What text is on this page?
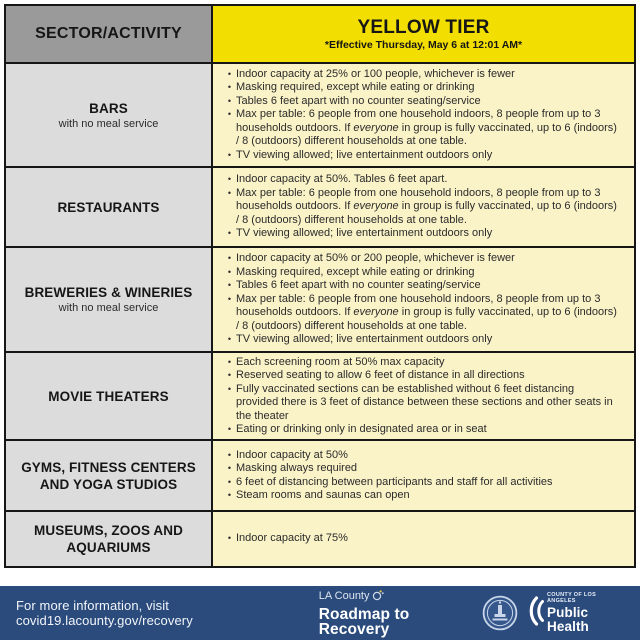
SECTOR/ACTIVITY	YELLOW TIER
*Effective Thursday, May 6 at 12:01 AM*
BARS
with no meal service
• Indoor capacity at 25% or 100 people, whichever is fewer
• Masking required, except while eating or drinking
• Tables 6 feet apart with no counter seating/service
• Max per table: 6 people from one household indoors, 8 people from up to 3 households outdoors. If everyone in group is fully vaccinated, up to 6 (indoors) / 8 (outdoors) different households at one table.
• TV viewing allowed; live entertainment outdoors only
RESTAURANTS
• Indoor capacity at 50%. Tables 6 feet apart.
• Max per table: 6 people from one household indoors, 8 people from up to 3 households outdoors. If everyone in group is fully vaccinated, up to 6 (indoors) / 8 (outdoors) different households at one table.
• TV viewing allowed; live entertainment outdoors only
BREWERIES & WINERIES
with no meal service
• Indoor capacity at 50% or 200 people, whichever is fewer
• Masking required, except while eating or drinking
• Tables 6 feet apart with no counter seating/service
• Max per table: 6 people from one household indoors, 8 people from up to 3 households outdoors. If everyone in group is fully vaccinated, up to 6 (indoors) / 8 (outdoors) different households at one table.
• TV viewing allowed; live entertainment outdoors only
MOVIE THEATERS
• Each screening room at 50% max capacity
• Reserved seating to allow 6 feet of distance in all directions
• Fully vaccinated sections can be established without 6 feet distancing provided there is 3 feet of distance between these sections and other seats in the theater
• Eating or drinking only in designated area or in seat
GYMS, FITNESS CENTERS AND YOGA STUDIOS
• Indoor capacity at 50%
• Masking always required
• 6 feet of distancing between participants and staff for all activities
• Steam rooms and saunas can open
MUSEUMS, ZOOS AND AQUARIUMS
• Indoor capacity at 75%
For more information, visit covid19.lacounty.gov/recovery
LA County
Roadmap to Recovery
COUNTY OF LOS ANGELES
Public Health
